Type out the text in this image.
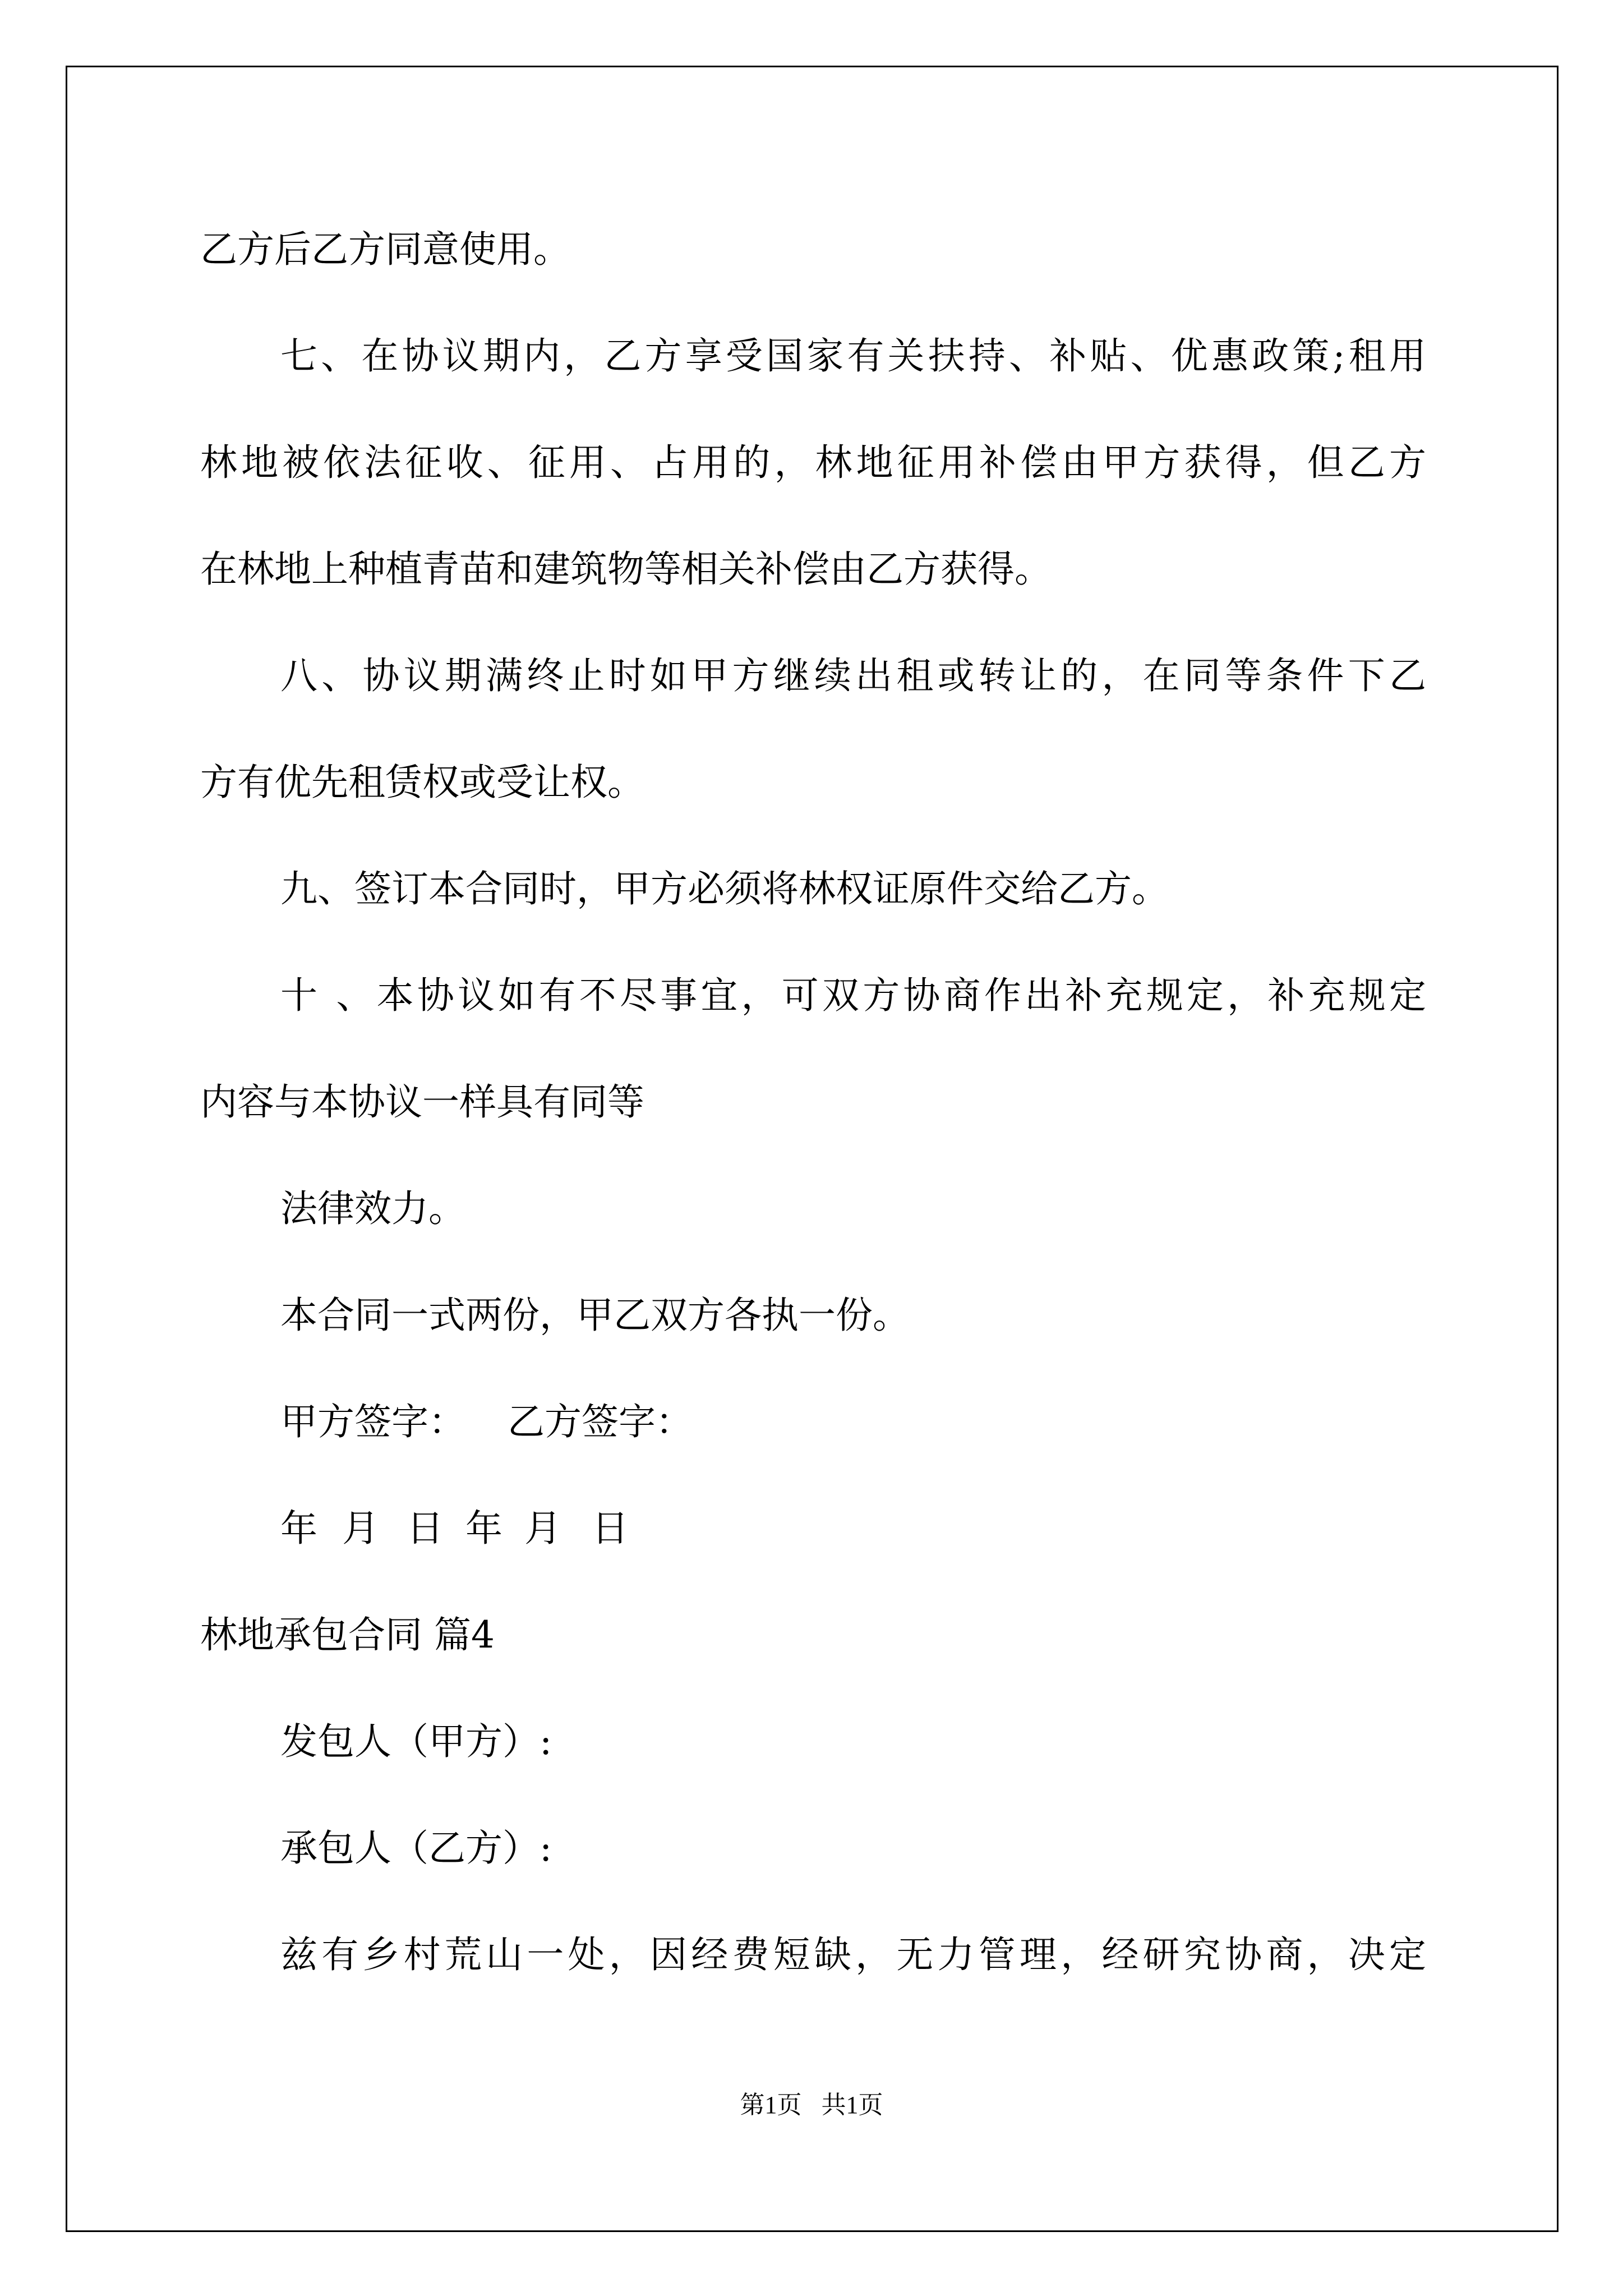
乙方后乙方同意使用。
七、在协议期内，乙方享受国家有关扶持、补贴、优惠政策;租用
林地被依法征收、征用、占用的，林地征用补偿由甲方获得，但乙方
在林地上种植青苗和建筑物等相关补偿由乙方获得。
八、协议期满终止时如甲方继续出租或转让的，在同等条件下乙
方有优先租赁权或受让权。
九、签订本合同时，甲方必须将林权证原件交给乙方。
十 、本协议如有不尽事宜，可双方协商作出补充规定，补充规定
内容与本协议一样具有同等
法律效力。
本合同一式两份，甲乙双方各执一份。
甲方签字： 乙方签字：
年 月 日 年 月 日
林地承包合同 篇4
发包人（甲方）:
承包人（乙方）:
兹有乡村荒山一处，因经费短缺，无力管理，经研究协商，决定
第1页 共1页
